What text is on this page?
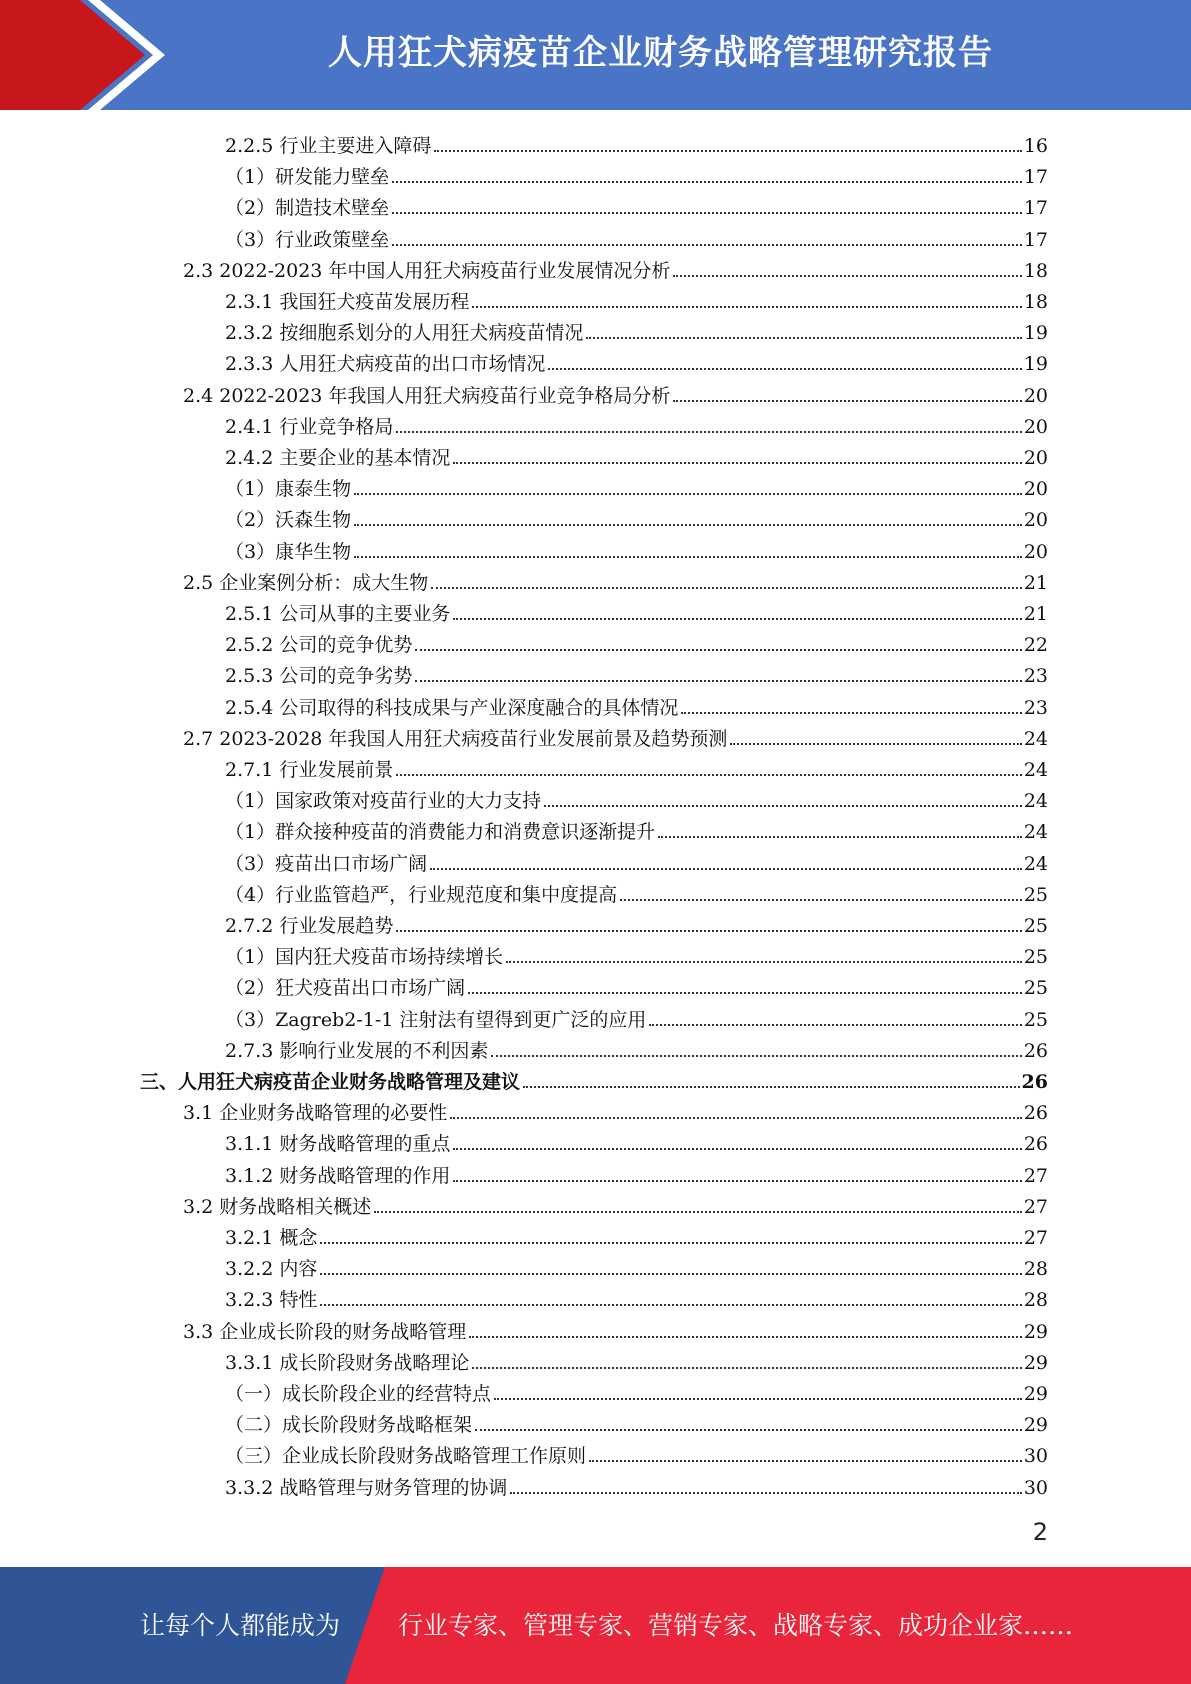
人用狂犬病疫苗企业财务战略管理研究报告
2.2.5 行业主要进入障碍	16
（1）研发能力壁垒	17
（2）制造技术壁垒	17
（3）行业政策壁垒	17
2.3 2022-2023 年中国人用狂犬病疫苗行业发展情况分析	18
2.3.1 我国狂犬疫苗发展历程	18
2.3.2 按细胞系划分的人用狂犬病疫苗情况	19
2.3.3 人用狂犬病疫苗的出口市场情况	19
2.4 2022-2023 年我国人用狂犬病疫苗行业竞争格局分析	20
2.4.1 行业竞争格局	20
2.4.2 主要企业的基本情况	20
（1）康泰生物	20
（2）沃森生物	20
（3）康华生物	20
2.5 企业案例分析：成大生物	21
2.5.1 公司从事的主要业务	21
2.5.2 公司的竞争优势	22
2.5.3 公司的竞争劣势	23
2.5.4 公司取得的科技成果与产业深度融合的具体情况	23
2.7 2023-2028 年我国人用狂犬病疫苗行业发展前景及趋势预测	24
2.7.1 行业发展前景	24
（1）国家政策对疫苗行业的大力支持	24
（1）群众接种疫苗的消费能力和消费意识逐渐提升	24
（3）疫苗出口市场广阔	24
（4）行业监管趋严，行业规范度和集中度提高	25
2.7.2 行业发展趋势	25
（1）国内狂犬疫苗市场持续增长	25
（2）狂犬疫苗出口市场广阔	25
（3）Zagreb2-1-1 注射法有望得到更广泛的应用	25
2.7.3 影响行业发展的不利因素	26
三、人用狂犬病疫苗企业财务战略管理及建议	26
3.1 企业财务战略管理的必要性	26
3.1.1 财务战略管理的重点	26
3.1.2 财务战略管理的作用	27
3.2 财务战略相关概述	27
3.2.1 概念	27
3.2.2 内容	28
3.2.3 特性	28
3.3 企业成长阶段的财务战略管理	29
3.3.1 成长阶段财务战略理论	29
（一）成长阶段企业的经营特点	29
（二）成长阶段财务战略框架	29
（三）企业成长阶段财务战略管理工作原则	30
3.3.2 战略管理与财务管理的协调	30
2
让每个人都能成为 行业专家、管理专家、营销专家、战略专家、成功企业家……
